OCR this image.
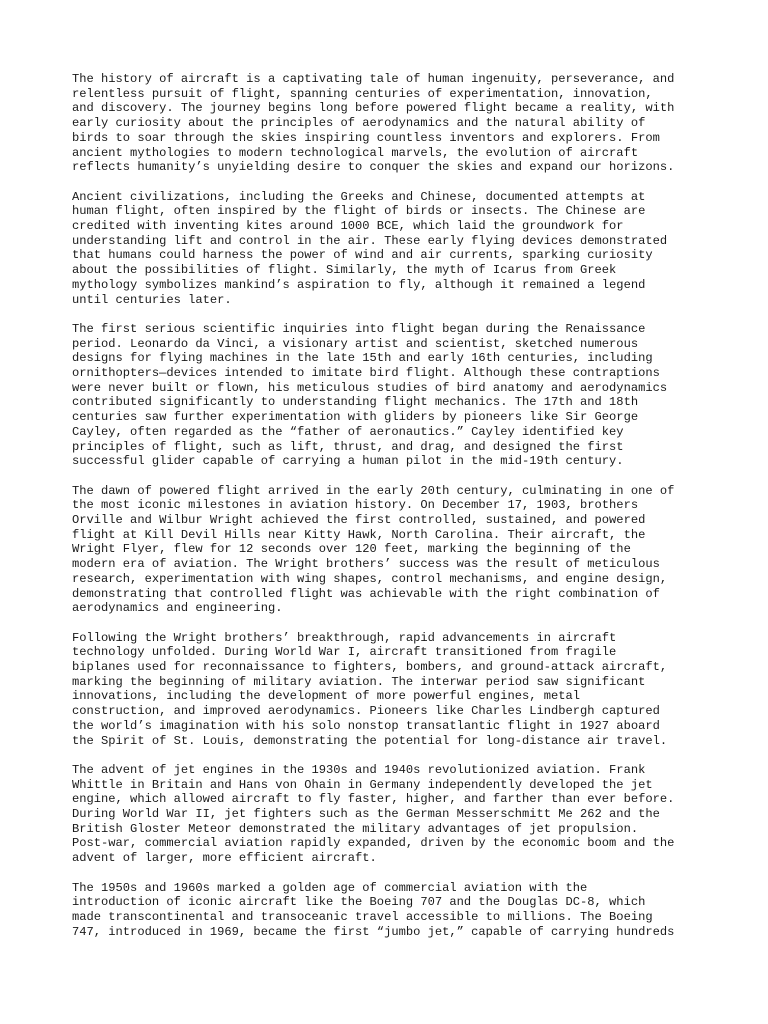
The history of aircraft is a captivating tale of human ingenuity, perseverance, and
relentless pursuit of flight, spanning centuries of experimentation, innovation,
and discovery. The journey begins long before powered flight became a reality, with
early curiosity about the principles of aerodynamics and the natural ability of
birds to soar through the skies inspiring countless inventors and explorers. From
ancient mythologies to modern technological marvels, the evolution of aircraft
reflects humanity’s unyielding desire to conquer the skies and expand our horizons.

Ancient civilizations, including the Greeks and Chinese, documented attempts at
human flight, often inspired by the flight of birds or insects. The Chinese are
credited with inventing kites around 1000 BCE, which laid the groundwork for
understanding lift and control in the air. These early flying devices demonstrated
that humans could harness the power of wind and air currents, sparking curiosity
about the possibilities of flight. Similarly, the myth of Icarus from Greek
mythology symbolizes mankind’s aspiration to fly, although it remained a legend
until centuries later.

The first serious scientific inquiries into flight began during the Renaissance
period. Leonardo da Vinci, a visionary artist and scientist, sketched numerous
designs for flying machines in the late 15th and early 16th centuries, including
ornithopters—devices intended to imitate bird flight. Although these contraptions
were never built or flown, his meticulous studies of bird anatomy and aerodynamics
contributed significantly to understanding flight mechanics. The 17th and 18th
centuries saw further experimentation with gliders by pioneers like Sir George
Cayley, often regarded as the “father of aeronautics.” Cayley identified key
principles of flight, such as lift, thrust, and drag, and designed the first
successful glider capable of carrying a human pilot in the mid-19th century.

The dawn of powered flight arrived in the early 20th century, culminating in one of
the most iconic milestones in aviation history. On December 17, 1903, brothers
Orville and Wilbur Wright achieved the first controlled, sustained, and powered
flight at Kill Devil Hills near Kitty Hawk, North Carolina. Their aircraft, the
Wright Flyer, flew for 12 seconds over 120 feet, marking the beginning of the
modern era of aviation. The Wright brothers’ success was the result of meticulous
research, experimentation with wing shapes, control mechanisms, and engine design,
demonstrating that controlled flight was achievable with the right combination of
aerodynamics and engineering.

Following the Wright brothers’ breakthrough, rapid advancements in aircraft
technology unfolded. During World War I, aircraft transitioned from fragile
biplanes used for reconnaissance to fighters, bombers, and ground-attack aircraft,
marking the beginning of military aviation. The interwar period saw significant
innovations, including the development of more powerful engines, metal
construction, and improved aerodynamics. Pioneers like Charles Lindbergh captured
the world’s imagination with his solo nonstop transatlantic flight in 1927 aboard
the Spirit of St. Louis, demonstrating the potential for long-distance air travel.

The advent of jet engines in the 1930s and 1940s revolutionized aviation. Frank
Whittle in Britain and Hans von Ohain in Germany independently developed the jet
engine, which allowed aircraft to fly faster, higher, and farther than ever before.
During World War II, jet fighters such as the German Messerschmitt Me 262 and the
British Gloster Meteor demonstrated the military advantages of jet propulsion.
Post-war, commercial aviation rapidly expanded, driven by the economic boom and the
advent of larger, more efficient aircraft.

The 1950s and 1960s marked a golden age of commercial aviation with the
introduction of iconic aircraft like the Boeing 707 and the Douglas DC-8, which
made transcontinental and transoceanic travel accessible to millions. The Boeing
747, introduced in 1969, became the first “jumbo jet,” capable of carrying hundreds
